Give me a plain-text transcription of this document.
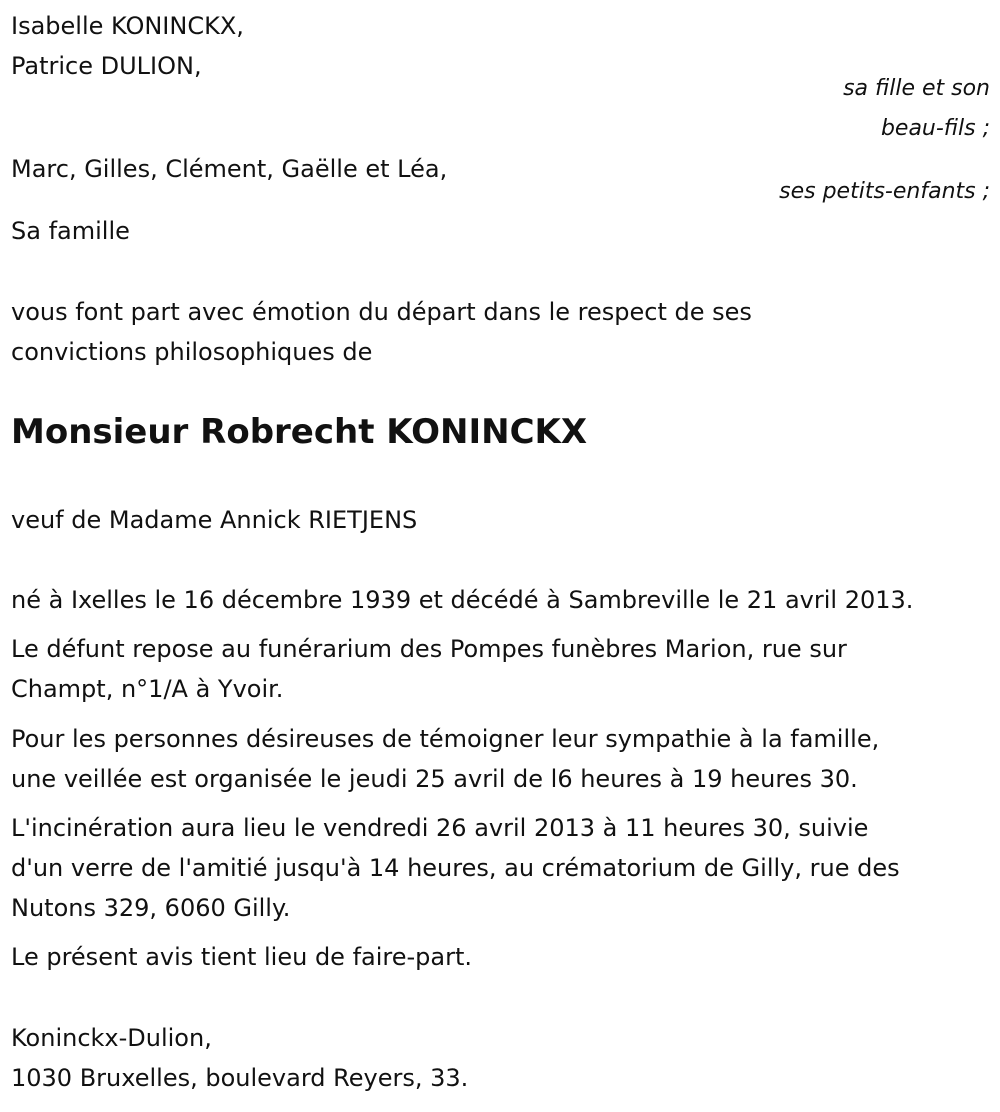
Isabelle KONINCKX,
Patrice DULION,
sa fille et son
beau-fils ;
Marc, Gilles, Clément, Gaëlle et Léa,
ses petits-enfants ;
Sa famille
vous font part avec émotion du départ dans le respect de ses
convictions philosophiques de
Monsieur Robrecht KONINCKX
veuf de Madame Annick RIETJENS
né à Ixelles le 16 décembre 1939 et décédé à Sambreville le 21 avril 2013.
Le défunt repose au funérarium des Pompes funèbres Marion, rue sur
Champt, n°1/A à Yvoir.
Pour les personnes désireuses de témoigner leur sympathie à la famille,
une veillée est organisée le jeudi 25 avril de l6 heures à 19 heures 30.
L'incinération aura lieu le vendredi 26 avril 2013 à 11 heures 30, suivie
d'un verre de l'amitié jusqu'à 14 heures, au crématorium de Gilly, rue des
Nutons 329, 6060 Gilly.
Le présent avis tient lieu de faire-part.
Koninckx-Dulion,
1030 Bruxelles, boulevard Reyers, 33.
